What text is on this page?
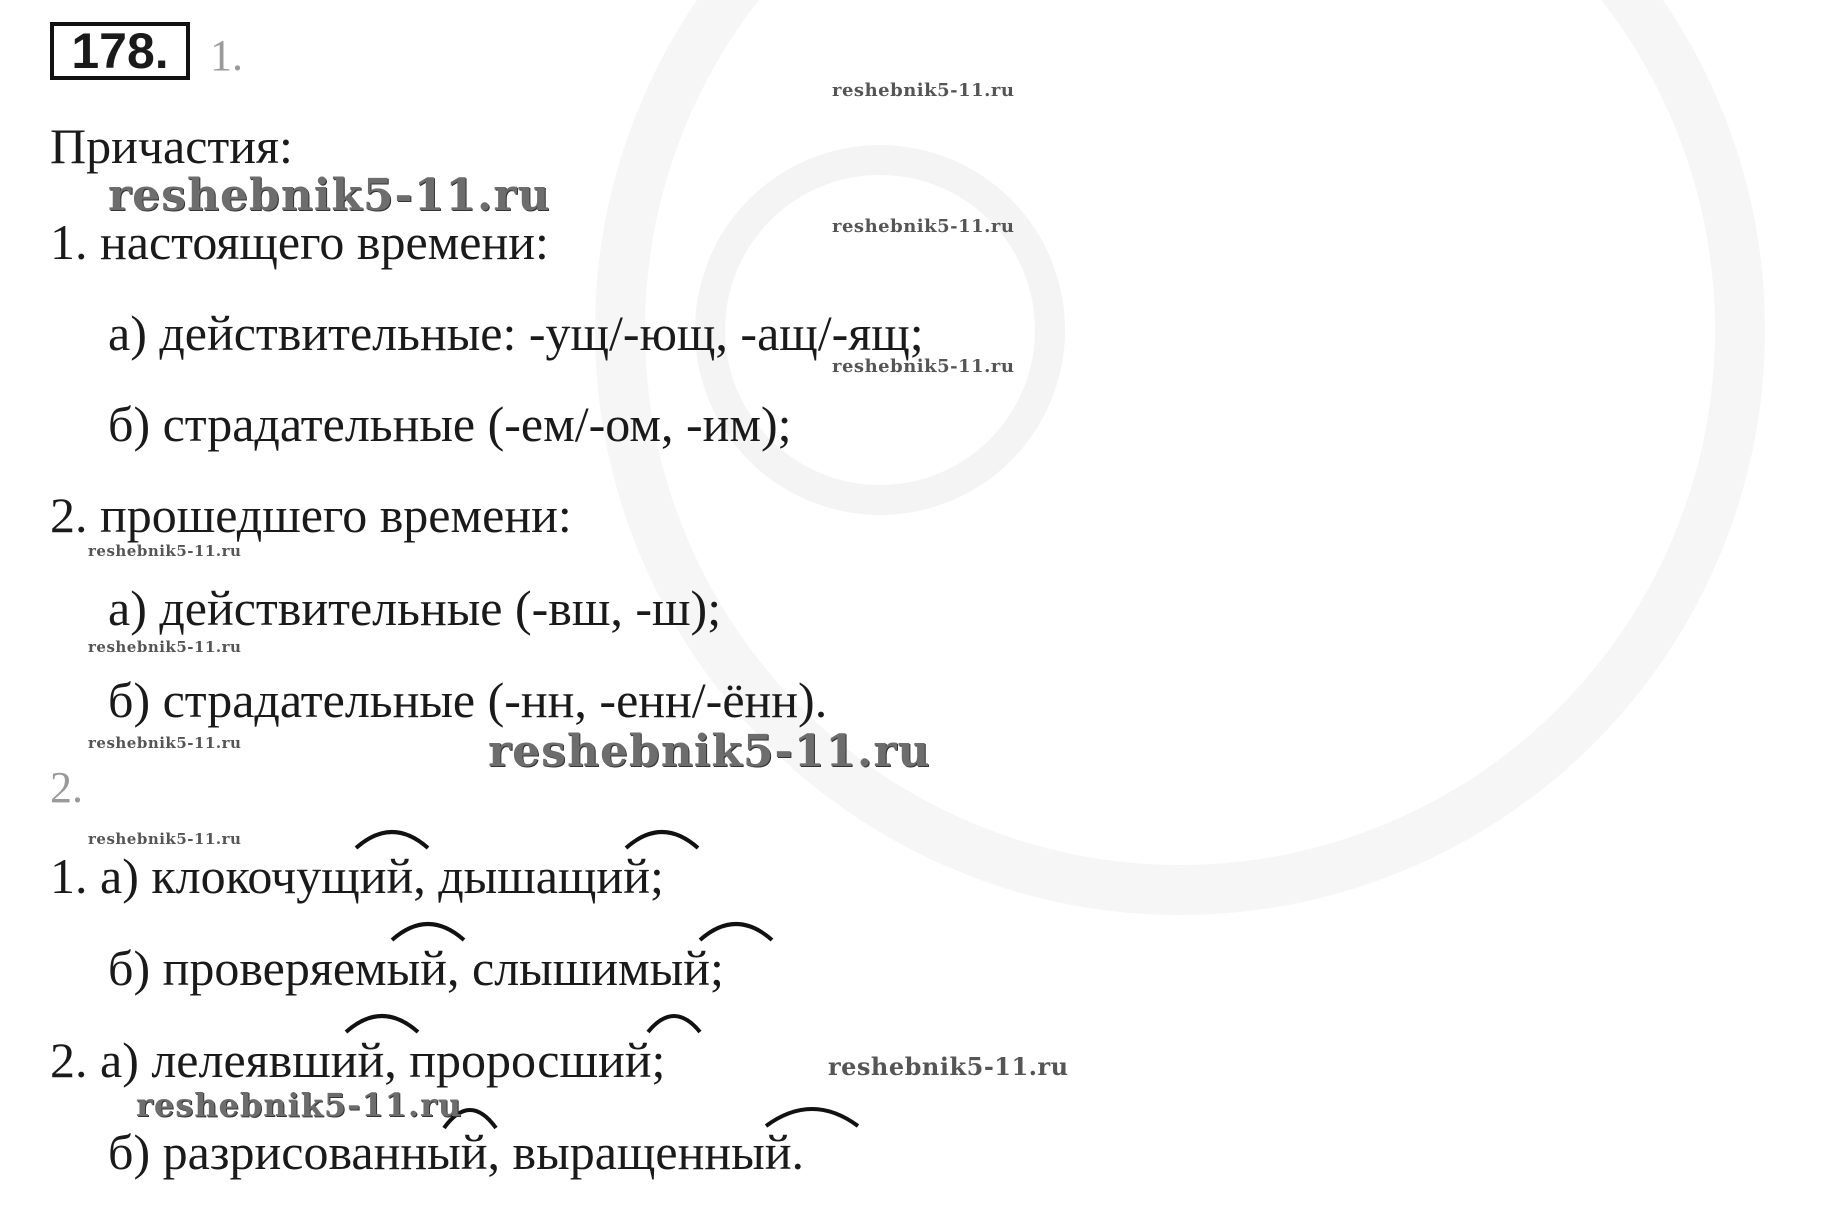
178. 1.
Причастия:
1. настоящего времени:
а) действительные: -ущ/-ющ, -ащ/-ящ;
б) страдательные (-ем/-ом, -им);
2. прошедшего времени:
а) действительные (-вш, -ш);
б) страдательные (-нн, -енн/-ённ).
2.
1. а) клокочущий, дышащий;
б) проверяемый, слышимый;
2. а) лелеявший, проросший;
б) разрисованный, выращенный.
reshebnik5-11.ru
reshebnik5-11.ru
reshebnik5-11.ru
reshebnik5-11.ru
reshebnik5-11.ru
reshebnik5-11.ru
reshebnik5-11.ru	reshebnik5-11.ru
reshebnik5-11.ru
reshebnik5-11.ru
reshebnik5-11.ru
